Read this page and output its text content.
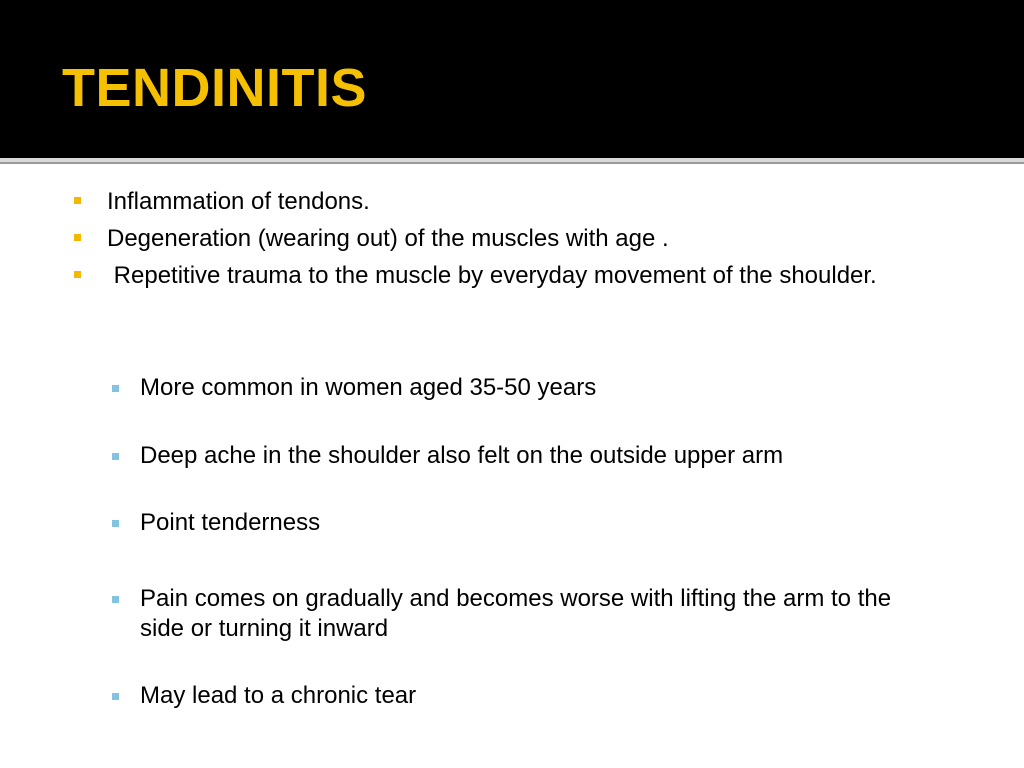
TENDINITIS
Inflammation of tendons.
Degeneration (wearing out) of the muscles with age .
Repetitive trauma to the muscle by everyday movement of the shoulder.
More common in women aged 35-50 years
Deep ache in the shoulder also felt on the outside upper arm
Point tenderness
Pain comes on gradually and becomes worse with lifting the arm to the side or turning it inward
May lead to a chronic tear
